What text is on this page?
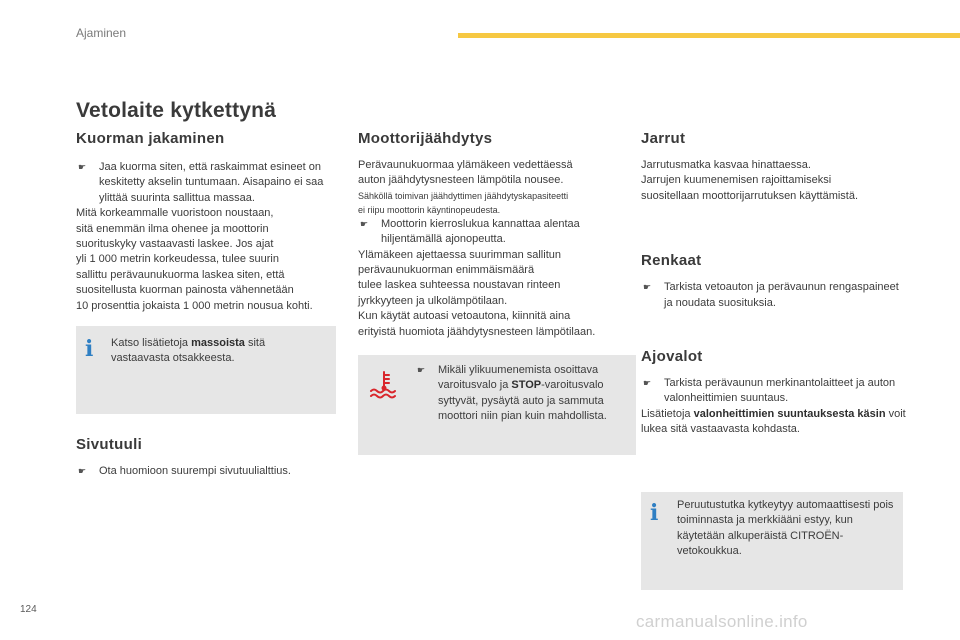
Ajaminen
Vetolaite kytkettynä
Kuorman jakaminen
☛ Jaa kuorma siten, että raskaimmat esineet on keskitetty akselin tuntumaan. Aisapaino ei saa ylittää suurinta sallittua massaa.
Mitä korkeammalle vuoristoon noustaan,
sitä enemmän ilma ohenee ja moottorin
suorituskyky vastaavasti laskee. Jos ajat
yli 1 000 metrin korkeudessa, tulee suurin
sallittu perävaunukuorma laskea siten, että
suositellusta kuorman painosta vähennetään
10 prosenttia jokaista 1 000 metrin nousua kohti.
i Katso lisätietoja massoista sitä vastaavasta otsakkeesta.
Sivutuuli
☛ Ota huomioon suurempi sivutuulialttius.
Moottorijäähdytys
Perävaunukuormaa ylämäkeen vedettäessä
auton jäähdytysnesteen lämpötila nousee.
Sähköllä toimivan jäähdyttimen jäähdytyskapasiteetti
ei riipu moottorin käyntinopeudesta.
☛ Moottorin kierroslukua kannattaa alentaa hiljentämällä ajonopeutta.
Ylämäkeen ajettaessa suurimman sallitun
perävaunukuorman enimmäismäärä
tulee laskea suhteessa noustavan rinteen
jyrkkyyteen ja ulkolämpötilaan.
Kun käytät autoasi vetoautona, kiinnitä aina
erityistä huomiota jäähdytysnesteen lämpötilaan.
☛ Mikäli ylikuumenemista osoittava varoitusvalo ja STOP-varoitusvalo syttyvät, pysäytä auto ja sammuta moottori niin pian kuin mahdollista.
Jarrut
Jarrutusmatka kasvaa hinattaessa.
Jarrujen kuumenemisen rajoittamiseksi
suositellaan moottorijarrutuksen käyttämistä.
Renkaat
☛ Tarkista vetoauton ja perävaunun rengaspaineet ja noudata suosituksia.
Ajovalot
☛ Tarkista perävaunun merkinantolaitteet ja auton valonheittimien suuntaus.
Lisätietoja valonheittimien suuntauksesta käsin voit lukea sitä vastaavasta kohdasta.
i Peruutustutka kytkeytyy automaattisesti pois toiminnasta ja merkkiääni estyy, kun käytetään alkuperäistä CITROËN-vetokoukkua.
124
carmanualsonline.info
